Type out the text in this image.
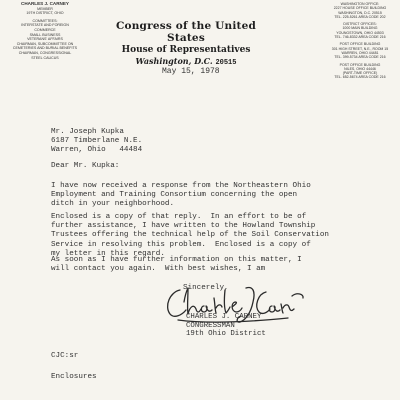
CHARLES J. CARNEY
MEMBER
19TH DISTRICT, OHIO
COMMITTEES:
INTERSTATE AND FOREIGN
COMMERCE
SMALL BUSINESS
VETERANS' AFFAIRS
CHAIRMAN, SUBCOMMITTEE ON
CEMETERIES AND BURIAL BENEFITS
CHAIRMAN, CONGRESSIONAL
STEEL CAUCUS
Congress of the United States
House of Representatives
Washington, D.C. 20515
May 15, 1978
WASHINGTON OFFICE:
2227 HOUSE OFFICE BUILDING
WASHINGTON, D.C. 20515
TEL. 225-5261 AREA CODE 202
DISTRICT OFFICES:
1000 MAIN BUILDING
YOUNGSTOWN, OHIO 44503
TEL. 746-8332 AREA CODE 216
POST OFFICE BUILDING
301 HIGH STREET, N.E., ROOM 15
WARREN, OHIO 44481
TEL. 399-5734 AREA CODE 216
POST OFFICE BUILDING
NILES, OHIO 44446
(PART-TIME OFFICE)
TEL. 652-5674 AREA CODE 216
Mr. Joseph Kupka
6187 Timberlane N.E.
Warren, Ohio   44484
Dear Mr. Kupka:
I have now received a response from the Northeastern Ohio
Employment and Training Consortium concerning the open
ditch in your neighborhood.
Enclosed is a copy of that reply.  In an effort to be of
further assistance, I have written to the Howland Township
Trustees offering the technical help of the Soil Conservation
Service in resolving this problem.  Enclosed is a copy of
my letter in this regard.
As soon as I have further information on this matter, I
will contact you again.  With best wishes, I am
Sincerely,
CHARLES J. CARNEY
CONGRESSMAN
19th Ohio District
CJC:sr
Enclosures
